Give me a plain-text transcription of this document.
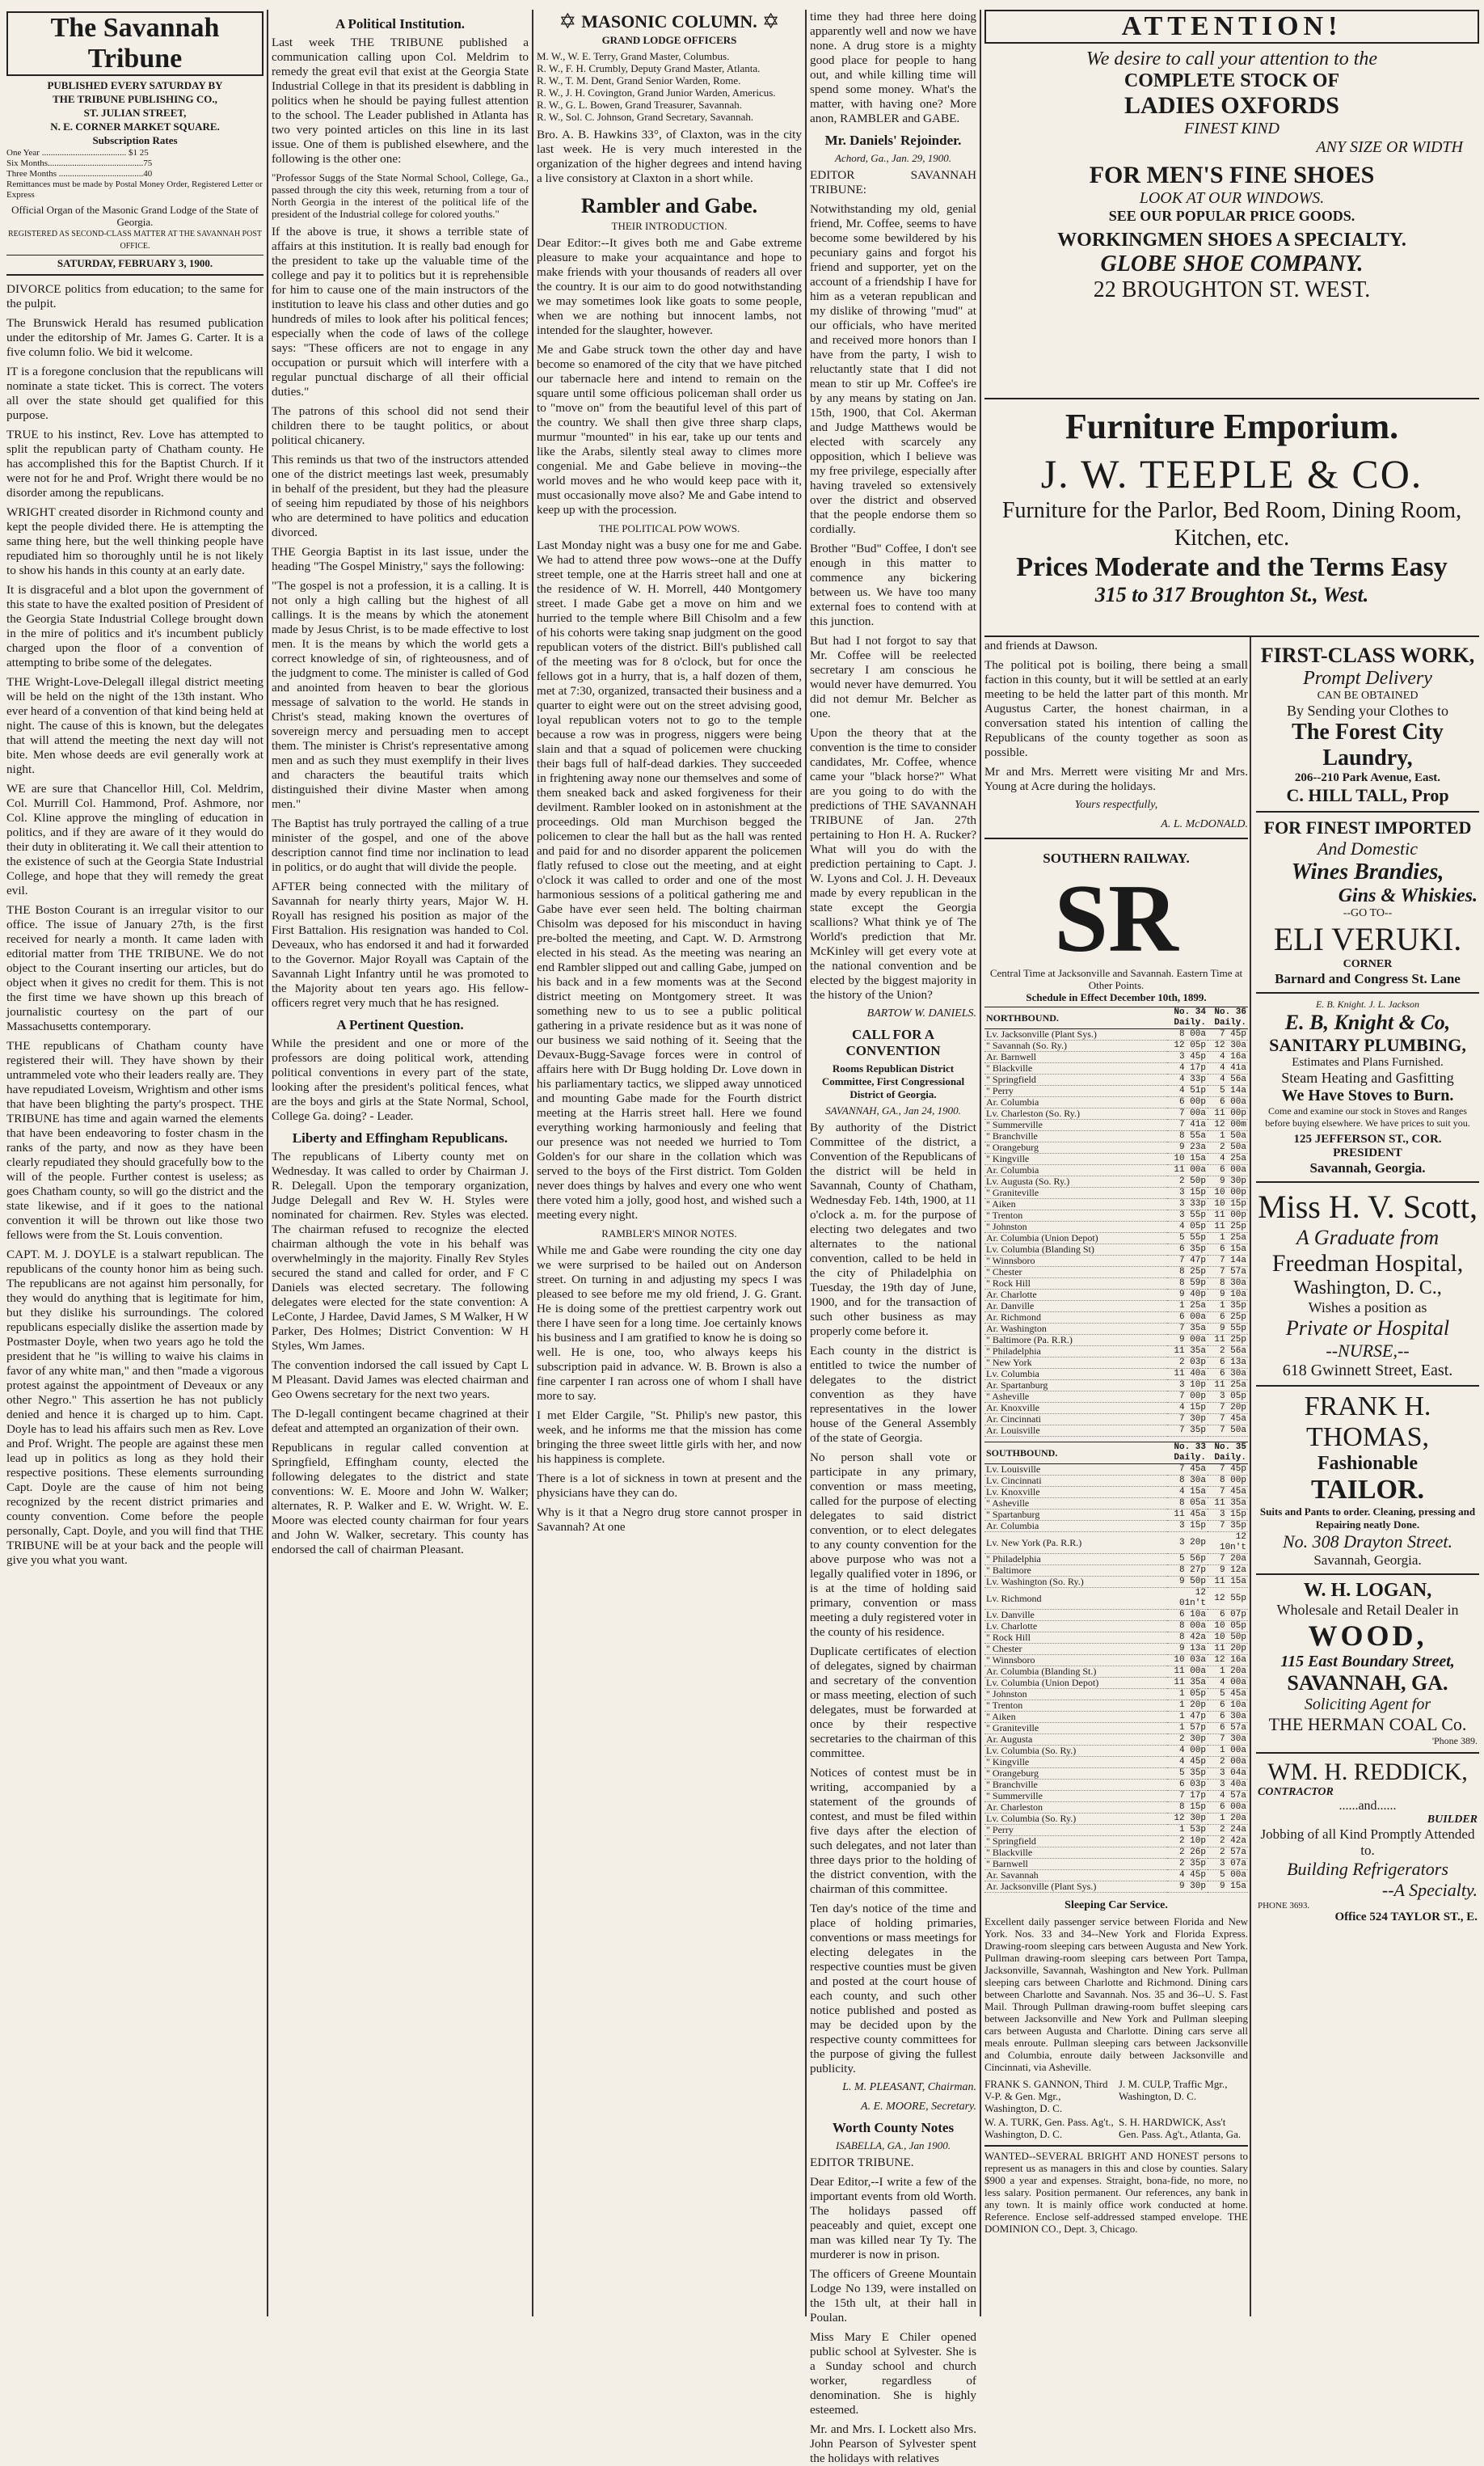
The Savannah Tribune
PUBLISHED EVERY SATURDAY BY
THE TRIBUNE PUBLISHING CO.,
ST. JULIAN STREET,
N. E. CORNER MARKET SQUARE.
Subscription Rates
One Year ...................................... $1 25
Six Months...........................................75
Three Months ......................................40
Remittances must be made by Postal Money Order, Registered Letter or Express
Official Organ of the Masonic Grand Lodge of the State of Georgia.
REGISTERED AS SECOND-CLASS MATTER AT THE SAVANNAH POST OFFICE.
SATURDAY, FEBRUARY 3, 1900.

DIVORCE politics from education; to the same for the pulpit.

The Brunswick Herald has resumed publication under the editorship of Mr. James G. Carter. It is a five column folio. We bid it welcome.

IT is a foregone conclusion that the republicans will nominate a state ticket. This is correct. The voters all over the state should get qualified for this purpose.

TRUE to his instinct, Rev. Love has attempted to split the republican party of Chatham county. He has accomplished this for the Baptist Church. If it were not for he and Prof. Wright there would be no disorder among the republicans.

WRIGHT created disorder in Richmond county and kept the people divided there. He is attempting the same thing here, but the well thinking people have repudiated him so thoroughly until he is not likely to show his hands in this county at an early date.

It is disgraceful and a blot upon the government of this state to have the exalted position of President of the Georgia State Industrial College brought down in the mire of politics and it's incumbent publicly charged upon the floor of a convention of attempting to bribe some of the delegates.

THE Wright-Love-Delegall illegal district meeting will be held on the night of the 13th instant. Who ever heard of a convention of that kind being held at night. The cause of this is known, but the delegates that will attend the meeting the next day will not bite. Men whose deeds are evil generally work at night.

WE are sure that Chancellor Hill, Col. Meldrim, Col. Murrill Col. Hammond, Prof. Ashmore, nor Col. Kline approve the mingling of education in politics, and if they are aware of it they would do their duty in obliterating it. We call their attention to the existence of such at the Georgia State Industrial College, and hope that they will remedy the great evil.

THE Boston Courant is an irregular visitor to our office. The issue of January 27th, is the first received for nearly a month. It came laden with editorial matter from THE TRIBUNE. We do not object to the Courant inserting our articles, but do object when it gives no credit for them. This is not the first time we have shown up this breach of journalistic courtesy on the part of our Massachusetts contemporary.

THE republicans of Chatham county have registered their will. They have shown by their untrammeled vote who their leaders really are. They have repudiated Loveism, Wrightism and other isms that have been blighting the party's prospect. THE TRIBUNE has time and again warned the elements that have been endeavoring to foster chasm in the ranks of the party, and now as they have been clearly repudiated they should gracefully bow to the will of the people. Further contest is useless; as goes Chatham county, so will go the district and the state likewise, and if it goes to the national convention it will be thrown out like those two fellows were from the St. Louis convention.

CAPT. M. J. DOYLE is a stalwart republican. The republicans of the county honor him as being such. The republicans are not against him personally, for they would do anything that is legitimate for him, but they dislike his surroundings. The colored republicans especially dislike the assertion made by Postmaster Doyle, when two years ago he told the president that he "is willing to waive his claims in favor of any white man," and then "made a vigorous protest against the appointment of Deveaux or any other Negro." This assertion he has not publicly denied and hence it is charged up to him. Capt. Doyle has to lead his affairs such men as Rev. Love and Prof. Wright. The people are against these men lead up in politics as long as they hold their respective positions. These elements surrounding Capt. Doyle are the cause of him not being recognized by the recent district primaries and county convention. Come before the people personally, Capt. Doyle, and you will find that THE TRIBUNE will be at your back and the people will give you what you want.

A Political Institution.

Last week THE TRIBUNE published a communication calling upon Col. Meldrim to remedy the great evil that exist at the Georgia State Industrial College in that its president is dabbling in politics when he should be paying fullest attention to the school. The Leader published in Atlanta has two very pointed articles on this line in its last issue. One of them is published elsewhere, and the following is the other one:

"Professor Suggs of the State Normal School, College, Ga., passed through the city this week, returning from a tour of North Georgia in the interest of the political life of the president of the Industrial college for colored youths."

If the above is true, it shows a terrible state of affairs at this institution. It is really bad enough for the president to take up the valuable time of the college and pay it to politics but it is reprehensible for him to cause one of the main instructors of the institution to leave his class and other duties and go hundreds of miles to look after his political fences; especially when the code of laws of the college says: "These officers are not to engage in any occupation or pursuit which will interfere with a regular punctual discharge of all their official duties."

The patrons of this school did not send their children there to be taught politics, or about political chicanery.

This reminds us that two of the instructors attended one of the district meetings last week, presumably in behalf of the president, but they had the pleasure of seeing him repudiated by those of his neighbors who are determined to have politics and education divorced.

THE Georgia Baptist in its last issue, under the heading "The Gospel Ministry," says the following:

"The gospel is not a profession, it is a calling. It is not only a high calling but the highest of all callings. It is the means by which the atonement made by Jesus Christ, is to be made effective to lost men. It is the means by which the world gets a correct knowledge of sin, of righteousness, and of the judgment to come. The minister is called of God and anointed from heaven to bear the glorious message of salvation to the world. He stands in Christ's stead, making known the overtures of sovereign mercy and persuading men to accept them. The minister is Christ's representative among men and as such they must exemplify in their lives and characters the beautiful traits which distinguished their divine Master when among men."

The Baptist has truly portrayed the calling of a true minister of the gospel, and one of the above description cannot find time nor inclination to lead in politics, or do aught that will divide the people.

AFTER being connected with the military of Savannah for nearly thirty years, Major W. H. Royall has resigned his position as major of the First Battalion. His resignation was handed to Col. Deveaux, who has endorsed it and had it forwarded to the Governor. Major Royall was Captain of the Savannah Light Infantry until he was promoted to the Majority about ten years ago. His fellow-officers regret very much that he has resigned.

A Pertinent Question.

While the president and one or more of the professors are doing political work, attending political conventions in every part of the state, looking after the president's political fences, what are the boys and girls at the State Normal, School, College Ga. doing? - Leader.

Liberty and Effingham Republicans.

The republicans of Liberty county met on Wednesday. It was called to order by Chairman J. R. Delegall. Upon the temporary organization, Judge Delegall and Rev W. H. Styles were nominated for chairmen. Rev. Styles was elected. The chairman refused to recognize the elected chairman although the vote in his behalf was overwhelmingly in the majority. Finally Rev Styles secured the stand and called for order, and F C Daniels was elected secretary. The following delegates were elected for the state convention: A LeConte, J Hardee, David James, S M Walker, H W Parker, Des Holmes; District Convention: W H Styles, Wm James.

The convention indorsed the call issued by Capt L M Pleasant. David James was elected chairman and Geo Owens secretary for the next two years.

The D-legall contingent became chagrined at their defeat and attempted an organization of their own.

Republicans in regular called convention at Springfield, Effingham county, elected the following delegates to the district and state conventions: W. E. Moore and John W. Walker; alternates, R. P. Walker and E. W. Wright. W. E. Moore was elected county chairman for four years and John W. Walker, secretary. This county has endorsed the call of chairman Pleasant.

✡ MASONIC COLUMN. ✡
GRAND LODGE OFFICERS
M. W., W. E. Terry, Grand Master, Columbus.
R. W., F. H. Crumbly, Deputy Grand Master, Atlanta.
R. W., T. M. Dent, Grand Senior Warden, Rome.
R. W., J. H. Covington, Grand Junior Warden, Americus.
R. W., G. L. Bowen, Grand Treasurer, Savannah.
R. W., Sol. C. Johnson, Grand Secretary, Savannah.

Bro. A. B. Hawkins 33°, of Claxton, was in the city last week. He is very much interested in the organization of the higher degrees and intend having a live consistory at Claxton in a short while.

Rambler and Gabe.
THEIR INTRODUCTION.

Dear Editor:--It gives both me and Gabe extreme pleasure to make your acquaintance and hope to make friends with your thousands of readers all over the country. It is our aim to do good notwithstanding we may sometimes look like goats to some people, when we are nothing but innocent lambs, not intended for the slaughter, however.

Me and Gabe struck town the other day and have become so enamored of the city that we have pitched our tabernacle here and intend to remain on the square until some officious policeman shall order us to "move on" from the beautiful level of this part of the country. We shall then give three sharp claps, murmur "mounted" in his ear, take up our tents and like the Arabs, silently steal away to climes more congenial. Me and Gabe believe in moving--the world moves and he who would keep pace with it, must occasionally move also? Me and Gabe intend to keep up with the procession.

THE POLITICAL POW WOWS.

Last Monday night was a busy one for me and Gabe. We had to attend three pow wows--one at the Duffy street temple, one at the Harris street hall and one at the residence of W. H. Morrell, 440 Montgomery street. I made Gabe get a move on him and we hurried to the temple where Bill Chisolm and a few of his cohorts were taking snap judgment on the good republican voters of the district. Bill's published call of the meeting was for 8 o'clock, but for once the fellows got in a hurry, that is, a half dozen of them, met at 7:30, organized, transacted their business and a quarter to eight were out on the street advising good, loyal republican voters not to go to the temple because a row was in progress, niggers were being slain and that a squad of policemen were chucking their bags full of half-dead darkies. They succeeded in frightening away none our themselves and some of them sneaked back and asked forgiveness for their devilment. Rambler looked on in astonishment at the proceedings. Old man Murchison begged the policemen to clear the hall but as the hall was rented and paid for and no disorder apparent the policemen flatly refused to close out the meeting, and at eight o'clock it was called to order and one of the most harmonious sessions of a political gathering me and Gabe have ever seen held. The bolting chairman Chisolm was deposed for his misconduct in having pre-bolted the meeting, and Capt. W. D. Armstrong elected in his stead. As the meeting was nearing an end Rambler slipped out and calling Gabe, jumped on his back and in a few moments was at the Second district meeting on Montgomery street. It was something new to us to see a public political gathering in a private residence but as it was none of our business we said nothing of it. Seeing that the Devaux-Bugg-Savage forces were in control of affairs here with Dr Bugg holding Dr. Love down in his parliamentary tactics, we slipped away unnoticed and mounting Gabe made for the Fourth district meeting at the Harris street hall. Here we found everything working harmoniously and feeling that our presence was not needed we hurried to Tom Golden's for our share in the collation which was served to the boys of the First district. Tom Golden never does things by halves and every one who went there voted him a jolly, good host, and wished such a meeting every night.

RAMBLER'S MINOR NOTES.

While me and Gabe were rounding the city one day we were surprised to be hailed out on Anderson street. On turning in and adjusting my specs I was pleased to see before me my old friend, J. G. Grant. He is doing some of the prettiest carpentry work out there I have seen for a long time. Joe certainly knows his business and I am gratified to know he is doing so well. He is one, too, who always keeps his subscription paid in advance. W. B. Brown is also a fine carpenter I ran across one of whom I shall have more to say.

I met Elder Cargile, "St. Philip's new pastor, this week, and he informs me that the mission has come bringing the three sweet little girls with her, and now his happiness is complete.

There is a lot of sickness in town at present and the physicians have they can do.

Why is it that a Negro drug store cannot prosper in Savannah? At one

time they had three here doing apparently well and now we have none. A drug store is a mighty good place for people to hang out, and while killing time will spend some money. What's the matter, with having one? More anon, RAMBLER and GABE.

Mr. Daniels' Rejoinder.
Achord, Ga., Jan. 29, 1900.

EDITOR SAVANNAH TRIBUNE:

Notwithstanding my old, genial friend, Mr. Coffee, seems to have become some bewildered by his pecuniary gains and forgot his friend and supporter, yet on the account of a friendship I have for him as a veteran republican and my dislike of throwing "mud" at our officials, who have merited and received more honors than I have from the party, I wish to reluctantly state that I did not mean to stir up Mr. Coffee's ire by any means by stating on Jan. 15th, 1900, that Col. Akerman and Judge Matthews would be elected with scarcely any opposition, which I believe was my free privilege, especially after having traveled so extensively over the district and observed that the people endorse them so cordially.

Brother "Bud" Coffee, I don't see enough in this matter to commence any bickering between us. We have too many external foes to contend with at this junction.

But had I not forgot to say that Mr. Coffee will be reelected secretary I am conscious he would never have demurred. You did not demur Mr. Belcher as one.

Upon the theory that at the convention is the time to consider candidates, Mr. Coffee, whence came your "black horse?" What are you going to do with the predictions of THE SAVANNAH TRIBUNE of Jan. 27th pertaining to Hon H. A. Rucker? What will you do with the prediction pertaining to Capt. J. W. Lyons and Col. J. H. Deveaux made by every republican in the state except the Georgia scallions? What think ye of The World's prediction that Mr. McKinley will get every vote at the national convention and be elected by the biggest majority in the history of the Union?

BARTOW W. DANIELS.
CALL FOR A CONVENTION
Rooms Republican District Committee, First Congressional District of Georgia.
SAVANNAH, GA., Jan 24, 1900.

By authority of the District Committee of the district, a Convention of the Republicans of the district will be held in Savannah, County of Chatham, Wednesday Feb. 14th, 1900, at 11 o'clock a. m. for the purpose of electing two delegates and two alternates to the national convention, called to be held in the city of Philadelphia on Tuesday, the 19th day of June, 1900, and for the transaction of such other business as may properly come before it.

Each county in the district is entitled to twice the number of delegates to the district convention as they have representatives in the lower house of the General Assembly of the state of Georgia.

No person shall vote or participate in any primary, convention or mass meeting, called for the purpose of electing delegates to said district convention, or to elect delegates to any county convention for the above purpose who was not a legally qualified voter in 1896, or is at the time of holding said primary, convention or mass meeting a duly registered voter in the county of his residence.

Duplicate certificates of election of delegates, signed by chairman and secretary of the convention or mass meeting, election of such delegates, must be forwarded at once by their respective secretaries to the chairman of this committee.

Notices of contest must be in writing, accompanied by a statement of the grounds of contest, and must be filed within five days after the election of such delegates, and not later than three days prior to the holding of the district convention, with the chairman of this committee.

Ten day's notice of the time and place of holding primaries, conventions or mass meetings for electing delegates in the respective counties must be given and posted at the court house of each county, and such other notice published and posted as may be decided upon by the respective county committees for the purpose of giving the fullest publicity.

L. M. PLEASANT, Chairman.
A. E. MOORE, Secretary.
Worth County Notes
ISABELLA, GA., Jan 1900.

EDITOR TRIBUNE.

Dear Editor,--I write a few of the important events from old Worth. The holidays passed off peaceably and quiet, except one man was killed near Ty Ty. The murderer is now in prison.

The officers of Greene Mountain Lodge No 139, were installed on the 15th ult, at their hall in Poulan.

Miss Mary E Chiler opened public school at Sylvester. She is a Sunday school and church worker, regardless of denomination. She is highly esteemed.

Mr. and Mrs. I. Lockett also Mrs. John Pearson of Sylvester spent the holidays with relatives

ATTENTION!
We desire to call your attention to the
COMPLETE STOCK OF
LADIES OXFORDS
FINEST KIND
ANY SIZE OR WIDTH
FOR MEN'S FINE SHOES
LOOK AT OUR WINDOWS.
SEE OUR POPULAR PRICE GOODS.
WORKINGMEN SHOES A SPECIALTY.
GLOBE SHOE COMPANY.
22 BROUGHTON ST. WEST.
Furniture Emporium.
J. W. TEEPLE & CO.
Furniture for the Parlor, Bed Room, Dining Room, Kitchen, etc.
Prices Moderate and the Terms Easy
315 to 317 Broughton St., West.

and friends at Dawson.

The political pot is boiling, there being a small faction in this county, but it will be settled at an early meeting to be held the latter part of this month. Mr Augustus Carter, the honest chairman, in a conversation stated his intention of calling the Republicans of the county together as soon as possible.

Mr and Mrs. Merrett were visiting Mr and Mrs. Young at Acre during the holidays.

Yours respectfully,
A. L. McDONALD.
SOUTHERN RAILWAY.
SR
Central Time at Jacksonville and Savannah. Eastern Time at Other Points.
Schedule in Effect December 10th, 1899.
NORTHBOUND.	No. 34 Daily.	No. 36 Daily.
Lv. Jacksonville (Plant Sys.)	8 00a	7 45p
" Savannah (So. Ry.)	12 05p	12 30a
Ar. Barnwell	3 45p	4 16a
" Blackville	4 17p	4 41a
" Springfield	4 33p	4 56a
" Perry	4 51p	5 14a
Ar. Columbia	6 00p	6 00a
Lv. Charleston (So. Ry.)	7 00a	11 00p
" Summerville	7 41a	12 00m
" Branchville	8 55a	1 50a
" Orangeburg	9 23a	2 50a
" Kingville	10 15a	4 25a
Ar. Columbia	11 00a	6 00a
Lv. Augusta (So. Ry.)	2 50p	9 30p
" Graniteville	3 15p	10 00p
" Aiken	3 33p	10 15p
" Trenton	3 55p	11 00p
" Johnston	4 05p	11 25p
Ar. Columbia (Union Depot)	5 55p	1 25a
Lv. Columbia (Blanding St)	6 35p	6 15a
" Winnsboro	7 47p	7 14a
" Chester	8 25p	7 57a
" Rock Hill	8 59p	8 30a
Ar. Charlotte	9 40p	9 10a
Ar. Danville	1 25a	1 35p
Ar. Richmond	6 00a	6 25p
Ar. Washington	7 35a	9 55p
" Baltimore (Pa. R.R.)	9 00a	11 25p
" Philadelphia	11 35a	2 56a
" New York	2 03p	6 13a
Lv. Columbia	11 40a	6 30a
Ar. Spartanburg	3 10p	11 25a
" Asheville	7 00p	3 05p
Ar. Knoxville	4 15p	7 20p
Ar. Cincinnati	7 30p	7 45a
Ar. Louisville	7 35p	7 50a
SOUTHBOUND.	No. 33 Daily.	No. 35 Daily.
Lv. Louisville	7 45a	7 45p
Lv. Cincinnati	8 30a	8 00p
Lv. Knoxville	4 15a	7 45a
" Asheville	8 05a	11 35a
" Spartanburg	11 45a	3 15p
Ar. Columbia	3 15p	7 35p
Lv. New York (Pa. R.R.)	3 20p	12 10n't
" Philadelphia	5 56p	7 20a
" Baltimore	8 27p	9 12a
Lv. Washington (So. Ry.)	9 50p	11 15a
Lv. Richmond	12 01n't	12 55p
Lv. Danville	6 10a	6 07p
Lv. Charlotte	8 00a	10 05p
" Rock Hill	8 42a	10 50p
" Chester	9 13a	11 20p
" Winnsboro	10 03a	12 16a
Ar. Columbia (Blanding St.)	11 00a	1 20a
Lv. Columbia (Union Depot)	11 35a	4 00a
" Johnston	1 05p	5 45a
" Trenton	1 20p	6 10a
" Aiken	1 47p	6 30a
" Graniteville	1 57p	6 57a
Ar. Augusta	2 30p	7 30a
Lv. Columbia (So. Ry.)	4 00p	1 00a
" Kingville	4 45p	2 00a
" Orangeburg	5 35p	3 04a
" Branchville	6 03p	3 40a
" Summerville	7 17p	4 57a
Ar. Charleston	8 15p	6 00a
Lv. Columbia (So. Ry.)	12 30p	1 20a
" Perry	1 53p	2 24a
" Springfield	2 10p	2 42a
" Blackville	2 26p	2 57a
" Barnwell	2 35p	3 07a
Ar. Savannah	4 45p	5 00a
Ar. Jacksonville (Plant Sys.)	9 30p	9 15a
Sleeping Car Service.

Excellent daily passenger service between Florida and New York. Nos. 33 and 34--New York and Florida Express. Drawing-room sleeping cars between Augusta and New York. Pullman drawing-room sleeping cars between Port Tampa, Jacksonville, Savannah, Washington and New York. Pullman sleeping cars between Charlotte and Richmond. Dining cars between Charlotte and Savannah. Nos. 35 and 36--U. S. Fast Mail. Through Pullman drawing-room buffet sleeping cars between Jacksonville and New York and Pullman sleeping cars between Augusta and Charlotte. Dining cars serve all meals enroute. Pullman sleeping cars between Jacksonville and Columbia, enroute daily between Jacksonville and Cincinnati, via Asheville.

FRANK S. GANNON, Third V-P. & Gen. Mgr., Washington, D. C.
J. M. CULP, Traffic Mgr., Washington, D. C.
W. A. TURK, Gen. Pass. Ag't., Washington, D. C.
S. H. HARDWICK, Ass't Gen. Pass. Ag't., Atlanta, Ga.

WANTED--SEVERAL BRIGHT AND HONEST persons to represent us as managers in this and close by counties. Salary $900 a year and expenses. Straight, bona-fide, no more, no less salary. Position permanent. Our references, any bank in any town. It is mainly office work conducted at home. Reference. Enclose self-addressed stamped envelope. THE DOMINION CO., Dept. 3, Chicago.

FIRST-CLASS WORK,
Prompt Delivery
CAN BE OBTAINED
By Sending your Clothes to
The Forest City Laundry,
206--210 Park Avenue, East.
C. HILL TALL, Prop
FOR FINEST IMPORTED
And Domestic
Wines Brandies,
Gins & Whiskies.
--GO TO--
ELI VERUKI.
CORNER
Barnard and Congress St. Lane
E. B. Knight. J. L. Jackson
E. B, Knight & Co,
SANITARY PLUMBING,
Estimates and Plans Furnished.
Steam Heating and Gasfitting
We Have Stoves to Burn.
Come and examine our stock in Stoves and Ranges before buying elsewhere. We have prices to suit you.
125 JEFFERSON ST., COR. PRESIDENT
Savannah, Georgia.
Miss H. V. Scott,
A Graduate from
Freedman Hospital,
Washington, D. C.,
Wishes a position as
Private or Hospital
--NURSE,--
618 Gwinnett Street, East.
FRANK H. THOMAS,
Fashionable
TAILOR.
Suits and Pants to order. Cleaning, pressing and Repairing neatly Done.
No. 308 Drayton Street.
Savannah, Georgia.
W. H. LOGAN,
Wholesale and Retail Dealer in
WOOD,
115 East Boundary Street,
SAVANNAH, GA.
Soliciting Agent for
THE HERMAN COAL Co.
'Phone 389.
WM. H. REDDICK,
CONTRACTOR
......and......
BUILDER
Jobbing of all Kind Promptly Attended to.
Building Refrigerators
--A Specialty.
PHONE 3693.
Office 524 TAYLOR ST., E.
